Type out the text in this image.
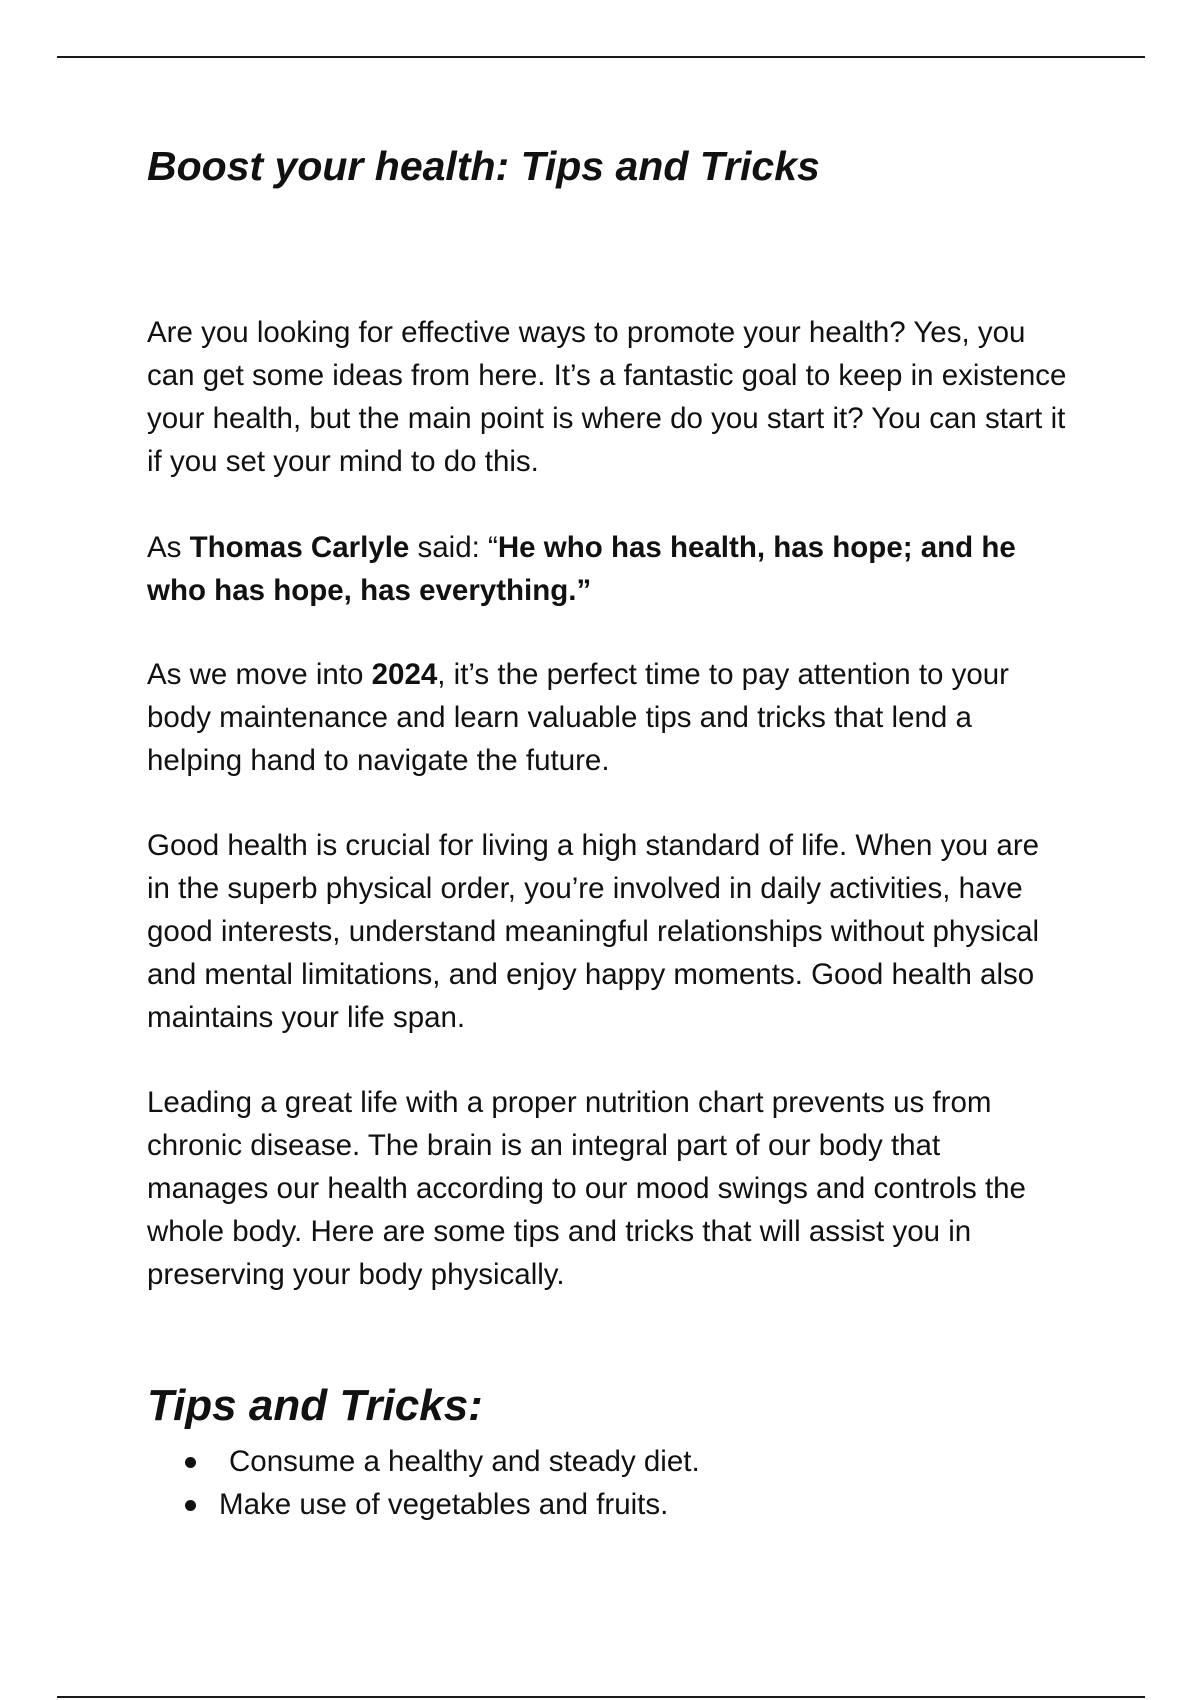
Boost your health: Tips and Tricks

Are you looking for effective ways to promote your health? Yes, you can get some ideas from here. It’s a fantastic goal to keep in existence your health, but the main point is where do you start it? You can start it if you set your mind to do this.

As Thomas Carlyle said: “He who has health, has hope; and he who has hope, has everything.”

As we move into 2024, it’s the perfect time to pay attention to your body maintenance and learn valuable tips and tricks that lend a helping hand to navigate the future.

Good health is crucial for living a high standard of life. When you are in the superb physical order, you’re involved in daily activities, have good interests, understand meaningful relationships without physical and mental limitations, and enjoy happy moments. Good health also maintains your life span.

Leading a great life with a proper nutrition chart prevents us from chronic disease. The brain is an integral part of our body that manages our health according to our mood swings and controls the whole body. Here are some tips and tricks that will assist you in preserving your body physically.

Tips and Tricks:
Consume a healthy and steady diet.
Make use of vegetables and fruits.
